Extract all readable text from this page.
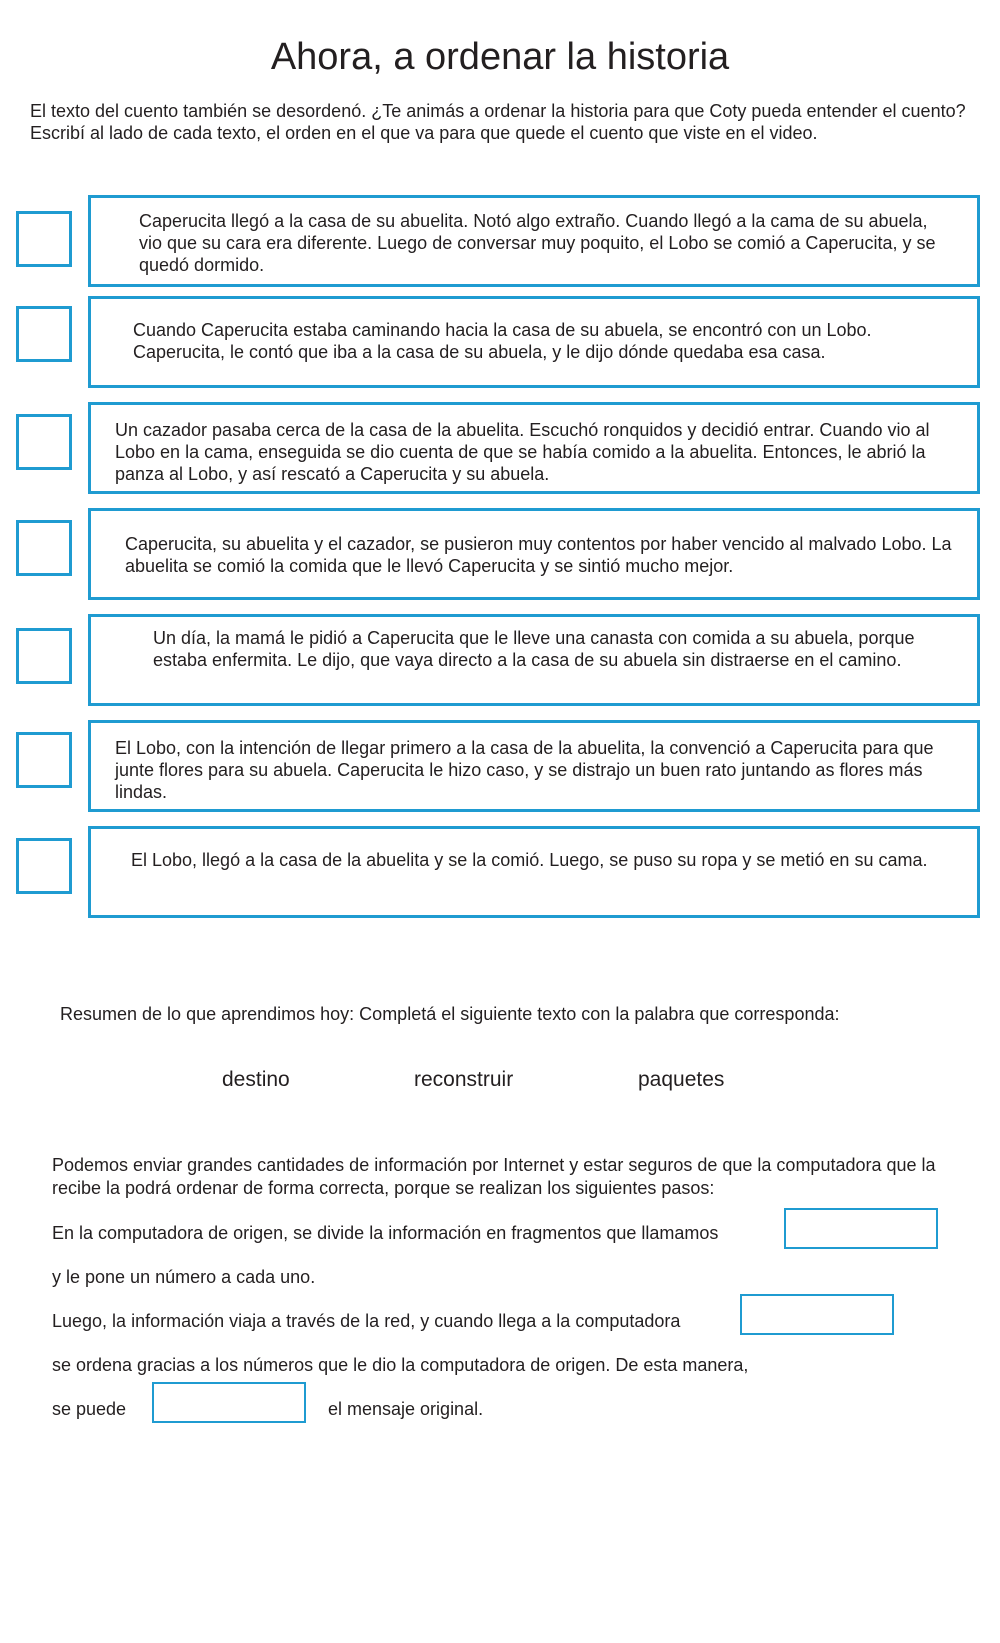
Ahora, a ordenar la historia

El texto del cuento también se desordenó. ¿Te animás a ordenar la historia para que Coty pueda entender el cuento? Escribí al lado de cada texto, el orden en el que va para que quede el cuento que viste en el video.

Caperucita llegó a la casa de su abuelita. Notó algo extraño. Cuando llegó a la cama de su abuela, vio que su cara era diferente. Luego de conversar muy poquito, el Lobo se comió a Caperucita, y se quedó dormido.

Cuando Caperucita estaba caminando hacia la casa de su abuela, se encontró con un Lobo. Caperucita, le contó que iba a la casa de su abuela, y le dijo dónde quedaba esa casa.

Un cazador pasaba cerca de la casa de la abuelita. Escuchó ronquidos y decidió entrar. Cuando vio al Lobo en la cama, enseguida se dio cuenta de que se había comido a la abuelita. Entonces, le abrió la panza al Lobo, y así rescató a Caperucita y su abuela.

Caperucita, su abuelita y el cazador, se pusieron muy contentos por haber vencido al malvado Lobo. La abuelita se comió la comida que le llevó Caperucita y se sintió mucho mejor.

Un día, la mamá le pidió a Caperucita que le lleve una canasta con comida a su abuela, porque estaba enfermita. Le dijo, que vaya directo a la casa de su abuela sin distraerse en el camino.

El Lobo, con la intención de llegar primero a la casa de la abuelita, la convenció a Caperucita para que junte flores para su abuela. Caperucita le hizo caso, y se distrajo un buen rato juntando as flores más lindas.

El Lobo, llegó a la casa de la abuelita y se la comió. Luego, se puso su ropa y se metió en su cama.

Resumen de lo que aprendimos hoy: Completá el siguiente texto con la palabra que corresponda:

destino	reconstruir	paquetes

Podemos enviar grandes cantidades de información por Internet y estar seguros de que la computadora que la recibe la podrá ordenar de forma correcta, porque se realizan los siguientes pasos:

En la computadora de origen, se divide la información en fragmentos que llamamos

y le pone un número a cada uno.

Luego, la información viaja a través de la red, y cuando llega a la computadora

se ordena gracias a los números que le dio la computadora de origen. De esta manera,

se puede	el mensaje original.
